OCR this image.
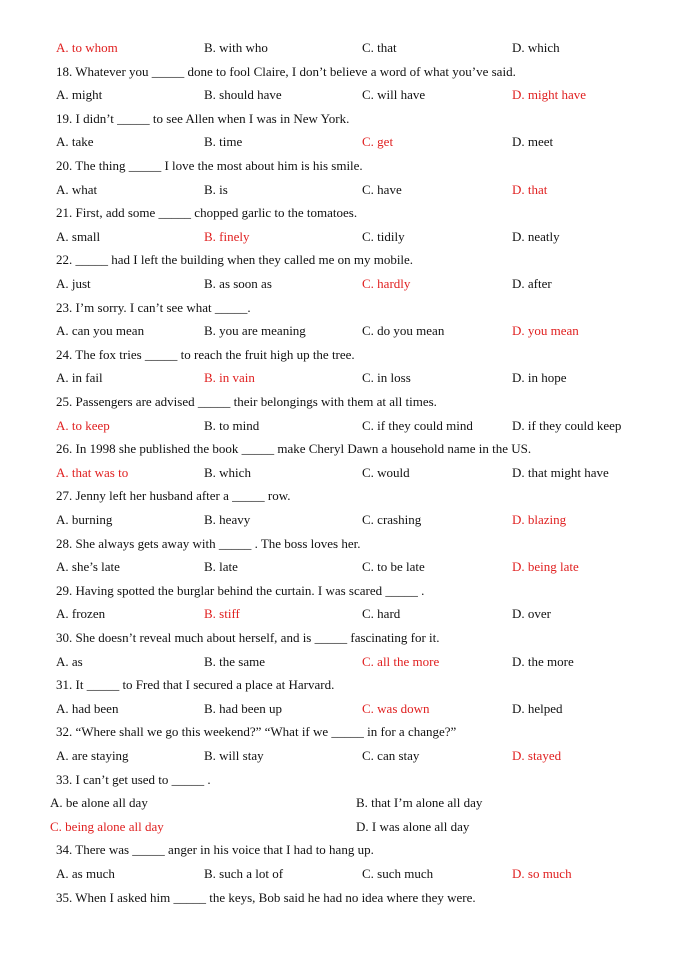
A. to whom	B. with who	C. that	D. which
18. Whatever you _____ done to fool Claire, I don’t believe a word of what you’ve said.
A. might	B. should have	C. will have	D. might have
19. I didn’t _____ to see Allen when I was in New York.
A. take	B. time	C. get	D. meet
20. The thing _____ I love the most about him is his smile.
A. what	B. is	C. have	D. that
21. First, add some _____ chopped garlic to the tomatoes.
A. small	B. finely	C. tidily	D. neatly
22. _____ had I left the building when they called me on my mobile.
A. just	B. as soon as	C. hardly	D. after
23. I’m sorry. I can’t see what _____.
A. can you mean	B. you are meaning	C. do you mean	D. you mean
24. The fox tries _____ to reach the fruit high up the tree.
A. in fail	B. in vain	C. in loss	D. in hope
25. Passengers are advised _____ their belongings with them at all times.
A. to keep	B. to mind	C. if they could mind	D. if they could keep
26. In 1998 she published the book _____ make Cheryl Dawn a household name in the US.
A. that was to	B. which	C. would	D. that might have
27. Jenny left her husband after a _____ row.
A. burning	B. heavy	C. crashing	D. blazing
28. She always gets away with _____ . The boss loves her.
A. she’s late	B. late	C. to be late	D. being late
29. Having spotted the burglar behind the curtain. I was scared _____ .
A. frozen	B. stiff	C. hard	D. over
30. She doesn’t reveal much about herself, and is _____ fascinating for it.
A. as	B. the same	C. all the more	D. the more
31. It _____ to Fred that I secured a place at Harvard.
A. had been	B. had been up	C. was down	D. helped
32. “Where shall we go this weekend?” “What if we _____ in for a change?”
A. are staying	B. will stay	C. can stay	D. stayed
33. I can’t get used to _____ .
A. be alone all day	B. that I’m alone all day
C. being alone all day	D. I was alone all day
34. There was _____ anger in his voice that I had to hang up.
A. as much	B. such a lot of	C. such much	D. so much
35. When I asked him _____ the keys, Bob said he had no idea where they were.
